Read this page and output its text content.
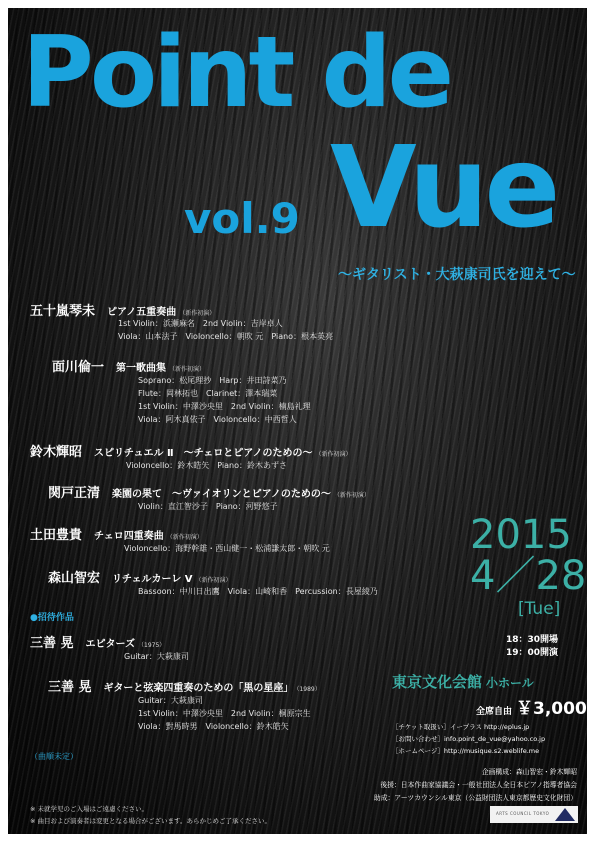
Point de
vol.9 Vue
～ギタリスト・大萩康司氏を迎えて～
五十嵐琴未 ピアノ五重奏曲 （新作初演）
1st Violin：浜瀬麻名　2nd Violin：吉岸卓人
Viola：山本法子　Violoncello：朝吹 元　Piano：根本英亮
面川倫一 第一歌曲集 （新作初演）
Soprano：松尾理抄　Harp：井田詩菜乃
Flute：岡林拓也　Clarinet：澤本瑞菜
1st Violin：中澤沙央里　2nd Violin：楠島礼理
Viola：阿木真依子　Violoncello：中西哲人
鈴木輝昭 スピリチュエル Ⅱ　～チェロとピアノのための～ （新作初演）
Violoncello：鈴木皓矢　Piano：鈴木あずさ
関戸正清 楽園の果て　～ヴァイオリンとピアノのための～ （新作初演）
Violin：直江智沙子　Piano：河野悠子
土田豊貴 チェロ四重奏曲 （新作初演）
Violoncello：海野幹雄・西山健一・松浦謙太郎・朝吹 元
森山智宏 リチェルカーレ V （新作初演）
Bassoon：中川日出鷹　Viola：山崎和香　Percussion：長屋綾乃
●招待作品
三善 晃 エピターズ （1975）
Guitar：大萩康司
三善 晃 ギターと弦楽四重奏のための「黒の星座」 （1989）
Guitar：大萩康司
1st Violin：中澤沙央里　2nd Violin：桐原宗生
Viola：對馬時男　Violoncello：鈴木皓矢
（曲順未定）
※ 未就学児のご入場はご遠慮ください。
※ 曲目および演奏者は変更となる場合がございます。あらかじめご了承ください。
2015
4／28
[Tue]
18：30開場
19：00開演
東京文化会館 小ホール
全席自由 ￥3,000
［チケット取扱い］イープラス http://eplus.jp
［お問い合わせ］info.point_de_vue@yahoo.co.jp
［ホームページ］http://musique.s2.weblife.me
企画構成：森山智宏・鈴木輝昭
後援：日本作曲家協議会・一般社団法人全日本ピアノ指導者協会
助成：アーツカウンシル東京（公益財団法人東京都歴史文化財団）
ARTS COUNCIL TOKYO
